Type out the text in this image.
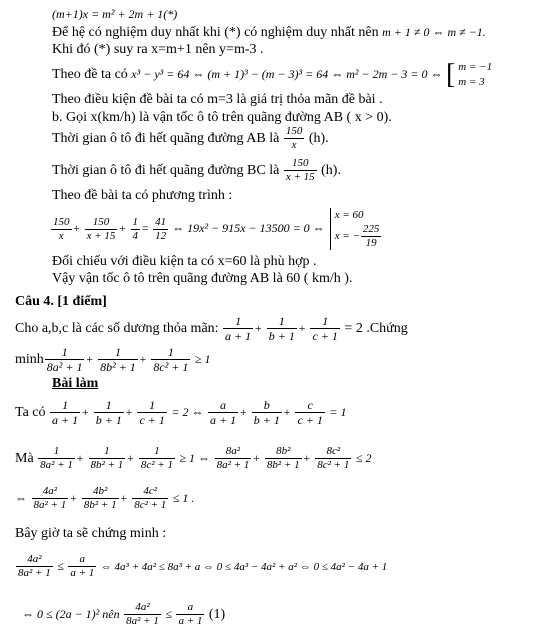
(m+1)x = m² + 2m + 1(*)
Để hệ có nghiệm duy nhất khi (*) có nghiệm duy nhất nên m + 1 ≠ 0 ⇔ m ≠ −1.
Khi đó (*) suy ra x=m+1 nên y=m-3 .
Theo đề ta có x³ − y³ = 64 ⇔ (m + 1)³ − (m − 3)³ = 64 ⇔ m² − 2m − 3 = 0 ⇔ [ m = −1
m = 3
Theo điều kiện đề bài ta có m=3 là giá trị thỏa mãn đề bài .
b. Gọi x(km/h) là vận tốc ô tô trên quãng đường AB ( x > 0).
Thời gian ô tô đi hết quãng đường AB là $\frac{150}{x} (h)$.
Thời gian ô tô đi hết quãng đường BC là $\frac{150}{x + 15} (h)$.
Theo đề bài ta có phương trình :
$\frac{150}{x} + \frac{150}{x + 15} + \frac{1}{4} = \frac{41}{12}$ ⇔ 19x² − 915x − 13500 = 0 ⇔
x = 60
x = − $\frac{225}{19}$
Đối chiếu với điều kiện ta có x=60 là phù hợp .
Vậy vận tốc ô tô trên quãng đường AB là 60 ( km/h ).
Câu 4. [1 điểm]
Cho a,b,c là các số dương thỏa mãn: $\frac{1}{a + 1} + \frac{1}{b + 1} + \frac{1}{c + 1} = 2$ .Chứng
minh $\frac{1}{\text{8a² + 1}} + \frac{1}{\text{8b² + 1}} + \frac{1}{\text{8c² + 1}} \ge 1$
Bài làm
Ta có $\frac{1}{a + 1} + \frac{1}{b + 1} + \frac{1}{c + 1} = 2$ ⇔ $\frac{a}{a + 1} + \frac{b}{b + 1} + \frac{c}{c + 1} = 1$
Mà $\frac{1}{\text{8a² + 1}} + \frac{1}{\text{8b² + 1}} + \frac{1}{\text{8c² + 1}} \ge 1$ ⇔ $\frac{\text{8a²}}{\text{8a² + 1}} + \frac{\text{8b²}}{\text{8b² + 1}} + \frac{\text{8c²}}{\text{8c² + 1}} \le 2$
⇔ $\frac{\text{4a²}}{\text{8a² + 1}} + \frac{\text{4b²}}{\text{8b² + 1}} + \frac{\text{4c²}}{\text{8c² + 1}} \le 1$ .
Bây giờ ta sẽ chứng minh :
$\frac{\text{4a²}}{\text{8a² + 1}} \le \frac{a}{a + 1}$ ⇔ 4a³ + 4a² ≤ 8a³ + a ⇔ 0 ≤ 4a³ − 4a² + a² ⇔ 0 ≤ 4a² − 4a + 1
⇔ 0 ≤ (2a − 1)² nên $\frac{\text{4a²}}{\text{8a² + 1}} \le \frac{a}{a + 1} (1)$
